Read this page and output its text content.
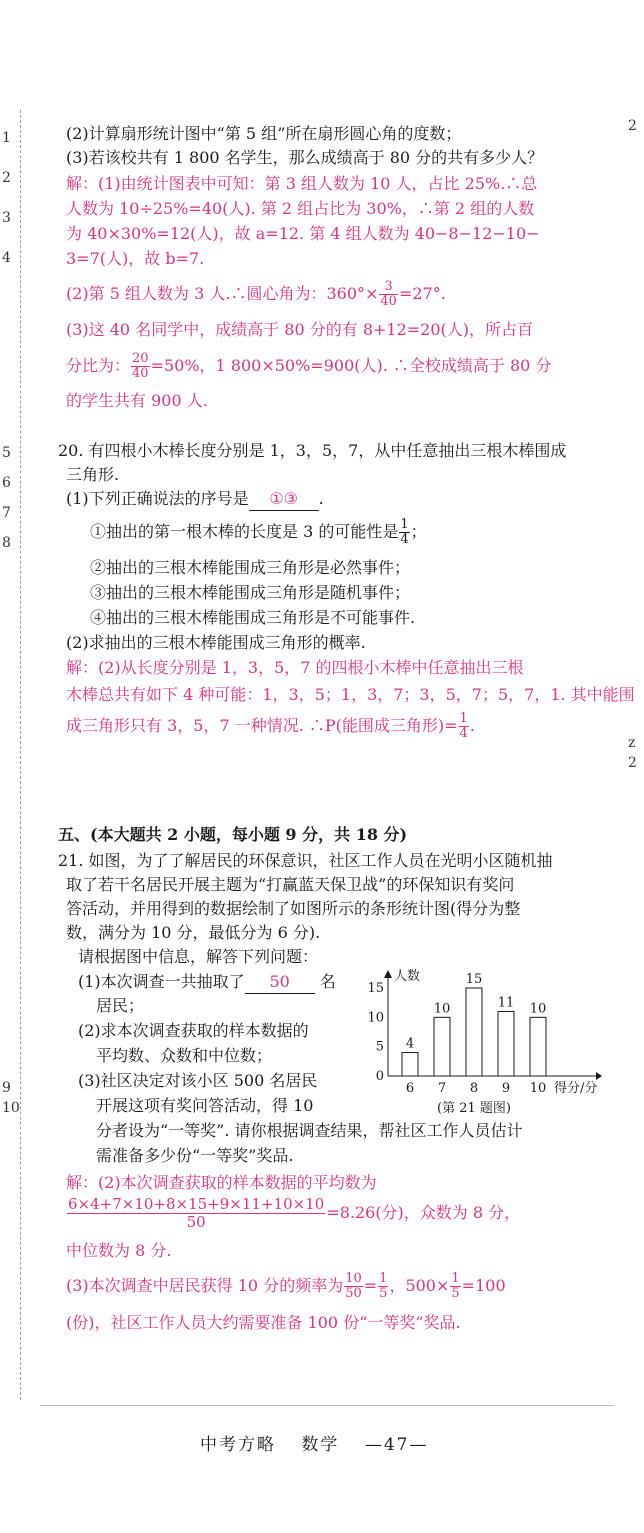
1
2
3
4
5
6
7
8
9
10
2
z
2
(2)计算扇形统计图中“第 5 组”所在扇形圆心角的度数；
(3)若该校共有 1 800 名学生，那么成绩高于 80 分的共有多少人？
解：(1)由统计图表中可知：第 3 组人数为 10 人，占比 25%.∴总
人数为 10÷25%=40(人). 第 2 组占比为 30%，∴第 2 组的人数
为 40×30%=12(人)，故 a=12. 第 4 组人数为 40−8−12−10−
3=7(人)，故 b=7.
(2)第 5 组人数为 3 人.∴圆心角为：$360^\circ\times \frac{3}{40} =27^\circ$.
(3)这 40 名同学中，成绩高于 80 分的有 8+12=20(人)，所占百
分比为： $\frac{20}{40} =50\%$，1 800×50%=900(人). ∴全校成绩高于 80 分
的学生共有 900 人.
20. 有四根小木棒长度分别是 1，3，5，7，从中任意抽出三根木棒围成
三角形.
(1)下列正确说法的序号是 ①③ .
①抽出的第一根木棒的长度是 3 的可能性是 $\frac{1}{4}$ ；
②抽出的三根木棒能围成三角形是必然事件；
③抽出的三根木棒能围成三角形是随机事件；
④抽出的三根木棒能围成三角形是不可能事件.
(2)求抽出的三根木棒能围成三角形的概率.
解：(2)从长度分别是 1，3，5，7 的四根小木棒中任意抽出三根
木棒总共有如下 4 种可能：1，3，5；1，3，7；3，5，7；5，7，1. 其中能围
成三角形只有 3，5，7 一种情况. ∴P(能围成三角形)= $\frac{1}{4}$ .
五、(本大题共 2 小题，每小题 9 分，共 18 分)
21. 如图，为了了解居民的环保意识，社区工作人员在光明小区随机抽
取了若干名居民开展主题为“打赢蓝天保卫战”的环保知识有奖问
答活动，并用得到的数据绘制了如图所示的条形统计图(得分为整
数，满分为 10 分，最低分为 6 分).
请根据图中信息，解答下列问题：
(1)本次调查一共抽取了 50 名
居民；
(2)求本次调查获取的样本数据的
平均数、众数和中位数；
(3)社区决定对该小区 500 名居民
开展这项有奖问答活动，得 10
分者设为“一等奖”. 请你根据调查结果，帮社区工作人员估计
需准备多少份“一等奖”奖品.
解：(2)本次调查获取的样本数据的平均数为
$\frac{6\times 4+7\times 10+8\times 15+9\times 11+10\times 10}{50} =8.26$(分)，众数为 8 分，
中位数为 8 分.
(3)本次调查中居民获得 10 分的频率为 $\frac{10}{50} = \frac{1}{5}$ ，$500\times \frac{1}{5} =100$
(份)，社区工作人员大约需要准备 100 份“一等奖”奖品.
人数
0
5
10
15
4
6
10
7
15
8
11
9
10
10 得分/分
(第 21 题图)
中考方略 数学 —47—
